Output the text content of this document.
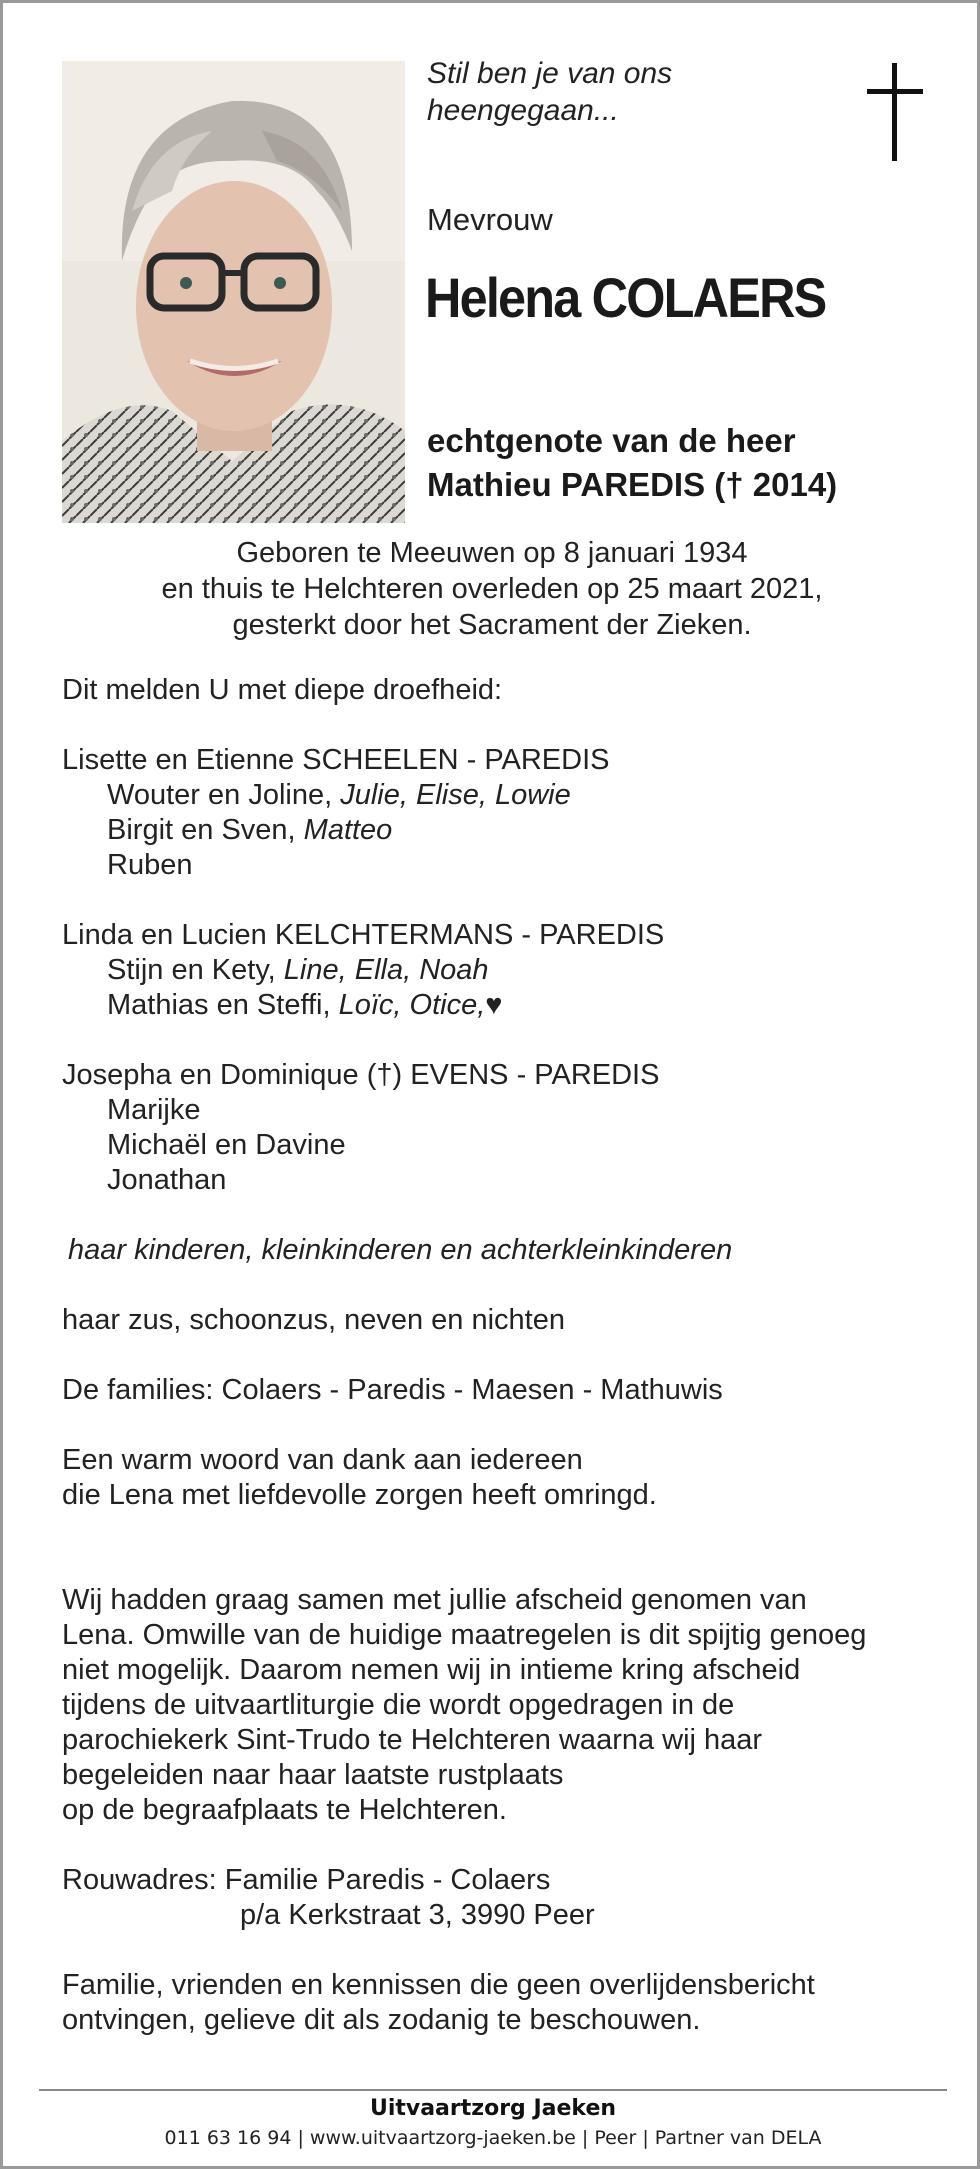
Stil ben je van ons
heengegaan...
Mevrouw
Helena COLAERS
echtgenote van de heer
Mathieu PAREDIS († 2014)
Geboren te Meeuwen op 8 januari 1934
en thuis te Helchteren overleden op 25 maart 2021,
gesterkt door het Sacrament der Zieken.
Dit melden U met diepe droefheid:
Lisette en Etienne SCHEELEN - PAREDIS
Wouter en Joline, Julie, Elise, Lowie
Birgit en Sven, Matteo
Ruben
Linda en Lucien KELCHTERMANS - PAREDIS
Stijn en Kety, Line, Ella, Noah
Mathias en Steffi, Loïc, Otice,♥
Josepha en Dominique (†) EVENS - PAREDIS
Marijke
Michaël en Davine
Jonathan
haar kinderen, kleinkinderen en achterkleinkinderen
haar zus, schoonzus, neven en nichten
De families: Colaers - Paredis - Maesen - Mathuwis
Een warm woord van dank aan iedereen
die Lena met liefdevolle zorgen heeft omringd.
Wij hadden graag samen met jullie afscheid genomen van
Lena. Omwille van de huidige maatregelen is dit spijtig genoeg
niet mogelijk. Daarom nemen wij in intieme kring afscheid
tijdens de uitvaartliturgie die wordt opgedragen in de
parochiekerk Sint-Trudo te Helchteren waarna wij haar
begeleiden naar haar laatste rustplaats
op de begraafplaats te Helchteren.
Rouwadres: Familie Paredis - Colaers
p/a Kerkstraat 3, 3990 Peer
Familie, vrienden en kennissen die geen overlijdensbericht
ontvingen, gelieve dit als zodanig te beschouwen.
Uitvaartzorg Jaeken
011 63 16 94 | www.uitvaartzorg-jaeken.be | Peer | Partner van DELA
